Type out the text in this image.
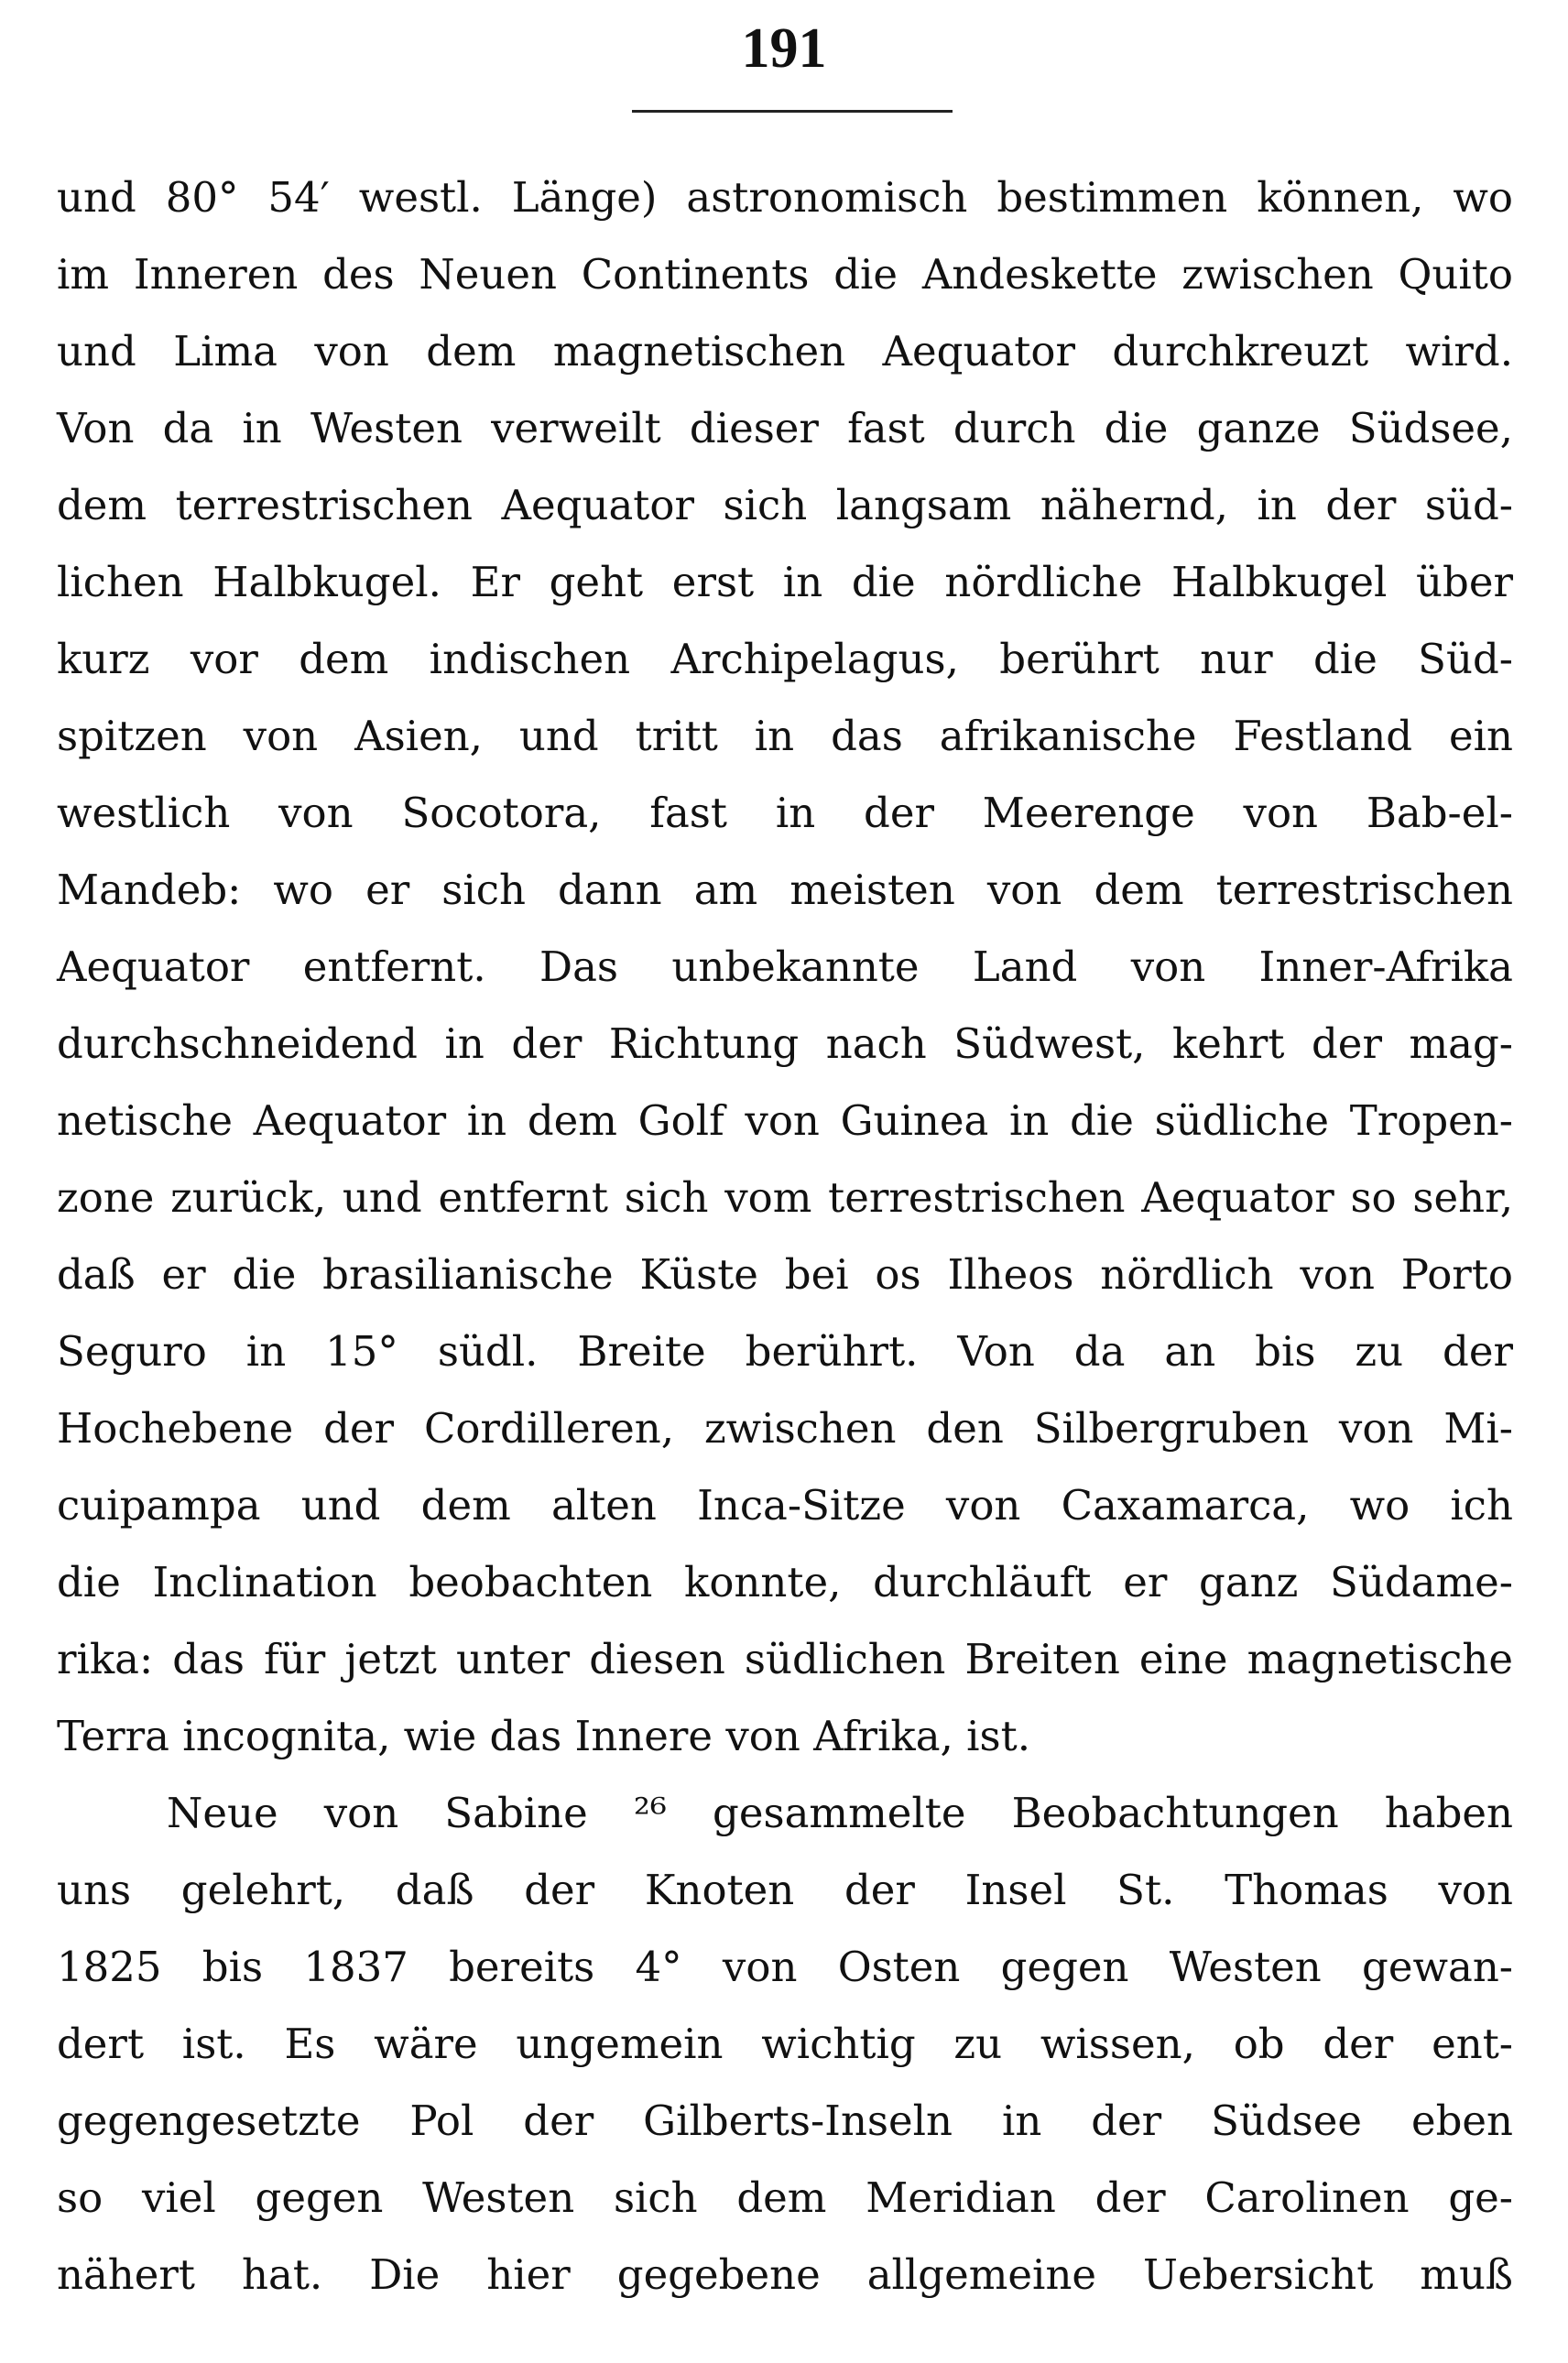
191
und 80° 54′ westl. Länge) astronomisch bestimmen können, wo
im Inneren des Neuen Continents die Andeskette zwischen Quito
und Lima von dem magnetischen Aequator durchkreuzt wird.
Von da in Westen verweilt dieser fast durch die ganze Südsee,
dem terrestrischen Aequator sich langsam nähernd, in der süd-
lichen Halbkugel. Er geht erst in die nördliche Halbkugel über
kurz vor dem indischen Archipelagus, berührt nur die Süd-
spitzen von Asien, und tritt in das afrikanische Festland ein
westlich von Socotora, fast in der Meerenge von Bab-el-
Mandeb: wo er sich dann am meisten von dem terrestrischen
Aequator entfernt. Das unbekannte Land von Inner-Afrika
durchschneidend in der Richtung nach Südwest, kehrt der mag-
netische Aequator in dem Golf von Guinea in die südliche Tropen-
zone zurück, und entfernt sich vom terrestrischen Aequator so sehr,
daß er die brasilianische Küste bei os Ilheos nördlich von Porto
Seguro in 15° südl. Breite berührt. Von da an bis zu der
Hochebene der Cordilleren, zwischen den Silbergruben von Mi-
cuipampa und dem alten Inca-Sitze von Caxamarca, wo ich
die Inclination beobachten konnte, durchläuft er ganz Südame-
rika: das für jetzt unter diesen südlichen Breiten eine magnetische
Terra incognita, wie das Innere von Afrika, ist.
Neue von Sabine ²⁶ gesammelte Beobachtungen haben
uns gelehrt, daß der Knoten der Insel St. Thomas von
1825 bis 1837 bereits 4° von Osten gegen Westen gewan-
dert ist. Es wäre ungemein wichtig zu wissen, ob der ent-
gegengesetzte Pol der Gilberts-Inseln in der Südsee eben
so viel gegen Westen sich dem Meridian der Carolinen ge-
nähert hat. Die hier gegebene allgemeine Uebersicht muß
